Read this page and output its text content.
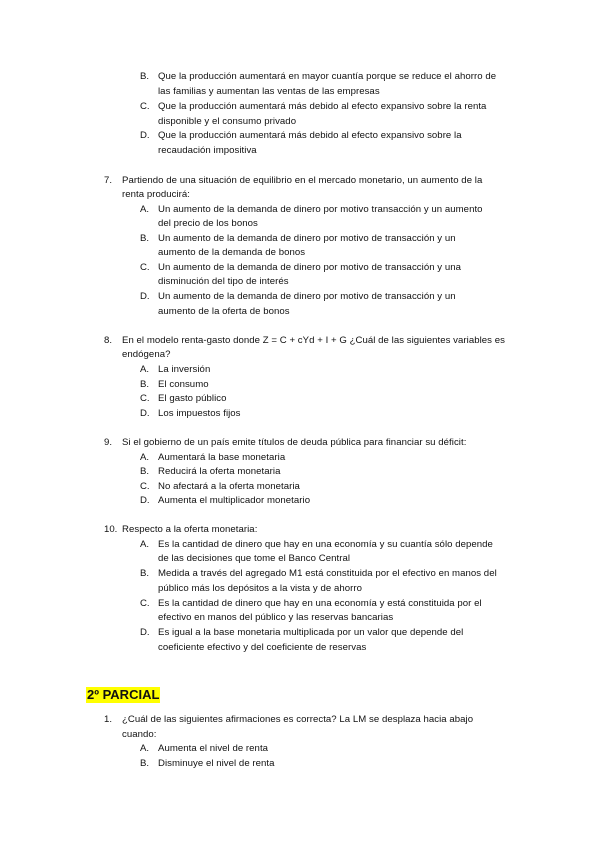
B. Que la producción aumentará en mayor cuantía porque se reduce el ahorro de
las familias y aumentan las ventas de las empresas
C. Que la producción aumentará más debido al efecto expansivo sobre la renta
disponible y el consumo privado
D. Que la producción aumentará más debido al efecto expansivo sobre la
recaudación impositiva
7. Partiendo de una situación de equilibrio en el mercado monetario, un aumento de la
renta producirá:
A. Un aumento de la demanda de dinero por motivo transacción y un aumento
del precio de los bonos
B. Un aumento de la demanda de dinero por motivo de transacción y un
aumento de la demanda de bonos
C. Un aumento de la demanda de dinero por motivo de transacción y una
disminución del tipo de interés
D. Un aumento de la demanda de dinero por motivo de transacción y un
aumento de la oferta de bonos
8. En el modelo renta-gasto donde Z = C + cYd + I + G ¿Cuál de las siguientes variables es
endógena?
A. La inversión
B. El consumo
C. El gasto público
D. Los impuestos fijos
9. Si el gobierno de un país emite títulos de deuda pública para financiar su déficit:
A. Aumentará la base monetaria
B. Reducirá la oferta monetaria
C. No afectará a la oferta monetaria
D. Aumenta el multiplicador monetario
10. Respecto a la oferta monetaria:
A. Es la cantidad de dinero que hay en una economía y su cuantía sólo depende
de las decisiones que tome el Banco Central
B. Medida a través del agregado M1 está constituida por el efectivo en manos del
público más los depósitos a la vista y de ahorro
C. Es la cantidad de dinero que hay en una economía y está constituida por el
efectivo en manos del público y las reservas bancarias
D. Es igual a la base monetaria multiplicada por un valor que depende del
coeficiente efectivo y del coeficiente de reservas
2º PARCIAL
1. ¿Cuál de las siguientes afirmaciones es correcta? La LM se desplaza hacia abajo
cuando:
A. Aumenta el nivel de renta
B. Disminuye el nivel de renta
